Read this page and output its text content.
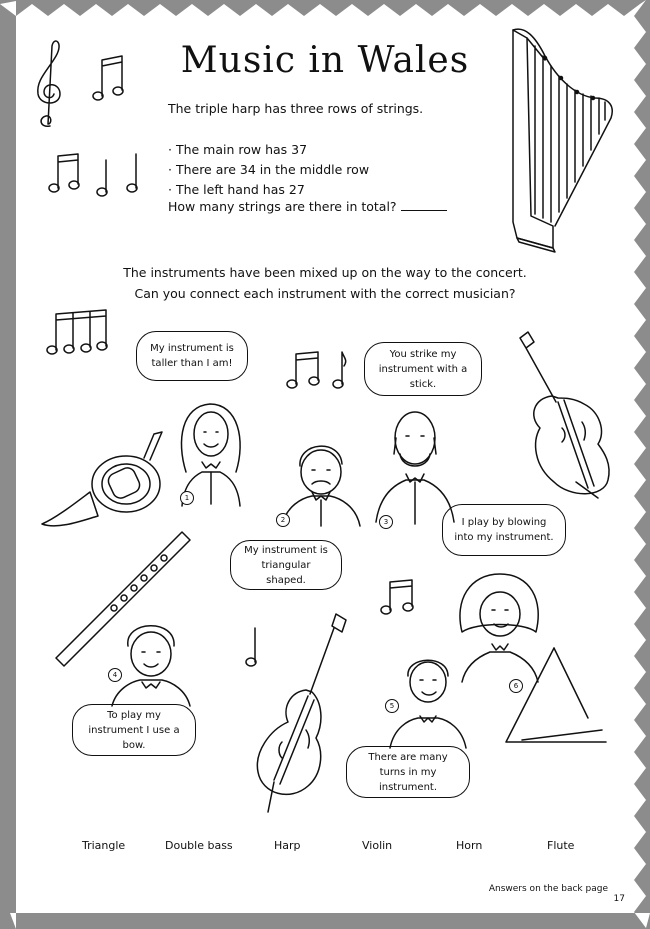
Music in Wales
The triple harp has three rows of strings.
· The main row has 37
· There are 34 in the middle row
· The left hand has 27
How many strings are there in total?
The instruments have been mixed up on the way to the concert.
Can you connect each instrument with the correct musician?
My instrument is taller than I am!
You strike my instrument with a stick.
I play by blowing into my instrument.
My instrument is triangular shaped.
To play my instrument I use a bow.
There are many turns in my instrument.
1
2	3
4
5
6
Triangle	Double bass	Harp	Violin	Horn	Flute
Answers on the back page
17
